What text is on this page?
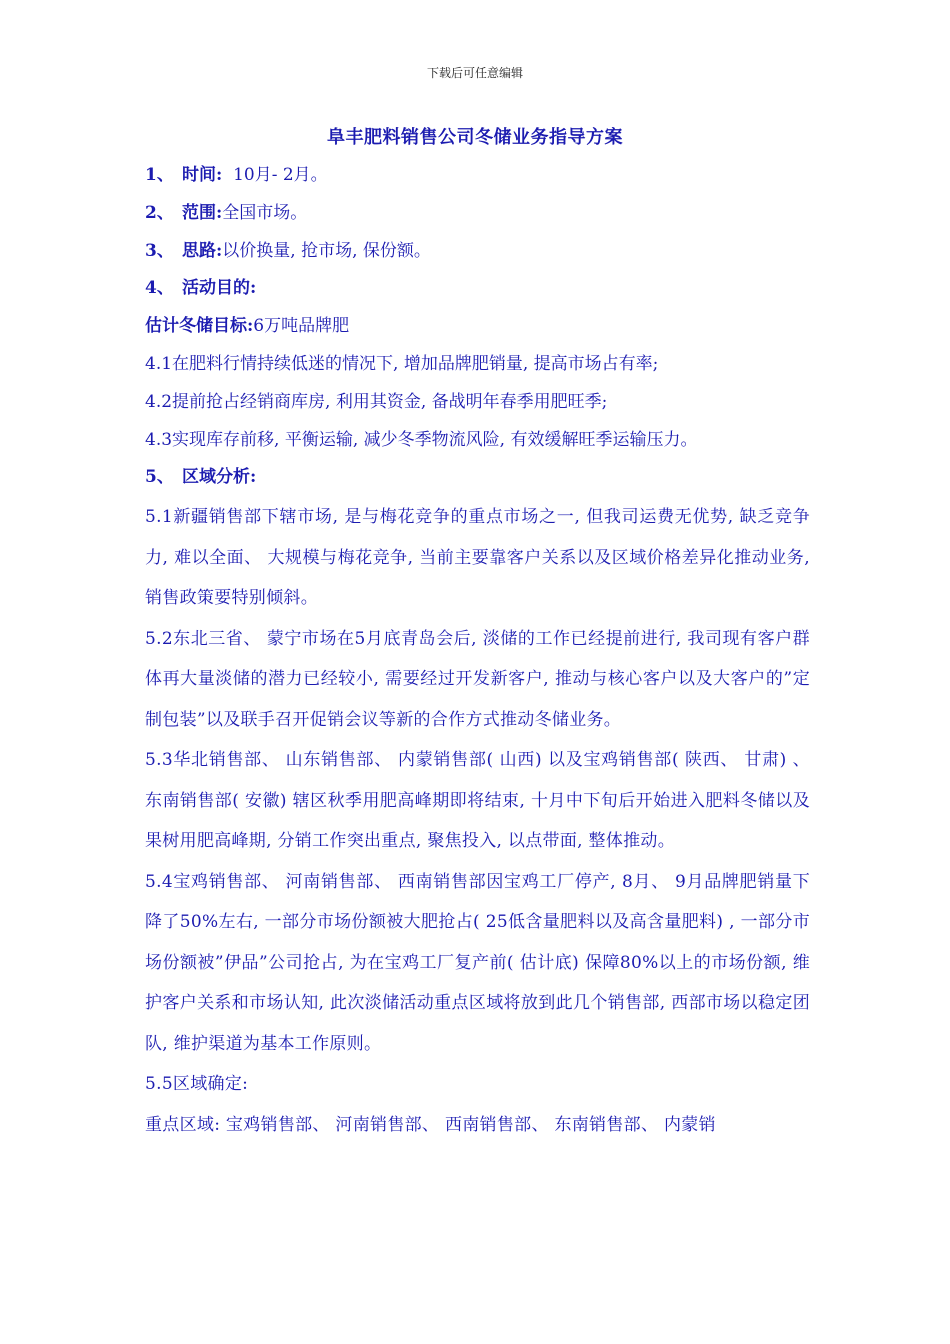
下载后可任意编辑
阜丰肥料销售公司冬储业务指导方案
1、 时间:  10月- 2月。
2、 范围:全国市场。
3、 思路:以价换量, 抢市场, 保份额。
4、 活动目的:
估计冬储目标:6万吨品牌肥
4.1在肥料行情持续低迷的情况下, 增加品牌肥销量, 提高市场占有率;
4.2提前抢占经销商库房, 利用其资金, 备战明年春季用肥旺季;
4.3实现库存前移, 平衡运输, 减少冬季物流风险, 有效缓解旺季运输压力。
5、 区域分析:
5.1新疆销售部下辖市场, 是与梅花竞争的重点市场之一, 但我司运费无优势, 缺乏竞争力, 难以全面、 大规模与梅花竞争, 当前主要靠客户关系以及区域价格差异化推动业务, 销售政策要特别倾斜。
5.2东北三省、 蒙宁市场在5月底青岛会后, 淡储的工作已经提前进行, 我司现有客户群体再大量淡储的潜力已经较小, 需要经过开发新客户, 推动与核心客户以及大客户的”定制包装”以及联手召开促销会议等新的合作方式推动冬储业务。
5.3华北销售部、 山东销售部、 内蒙销售部( 山西) 以及宝鸡销售部( 陕西、 甘肃) 、 东南销售部( 安徽) 辖区秋季用肥高峰期即将结束, 十月中下旬后开始进入肥料冬储以及果树用肥高峰期, 分销工作突出重点, 聚焦投入, 以点带面, 整体推动。
5.4宝鸡销售部、 河南销售部、 西南销售部因宝鸡工厂停产, 8月、 9月品牌肥销量下降了50%左右, 一部分市场份额被大肥抢占( 25低含量肥料以及高含量肥料) , 一部分市场份额被”伊品”公司抢占, 为在宝鸡工厂复产前( 估计底) 保障80%以上的市场份额, 维护客户关系和市场认知, 此次淡储活动重点区域将放到此几个销售部, 西部市场以稳定团队, 维护渠道为基本工作原则。
5.5区域确定:
重点区域: 宝鸡销售部、 河南销售部、 西南销售部、 东南销售部、 内蒙销
